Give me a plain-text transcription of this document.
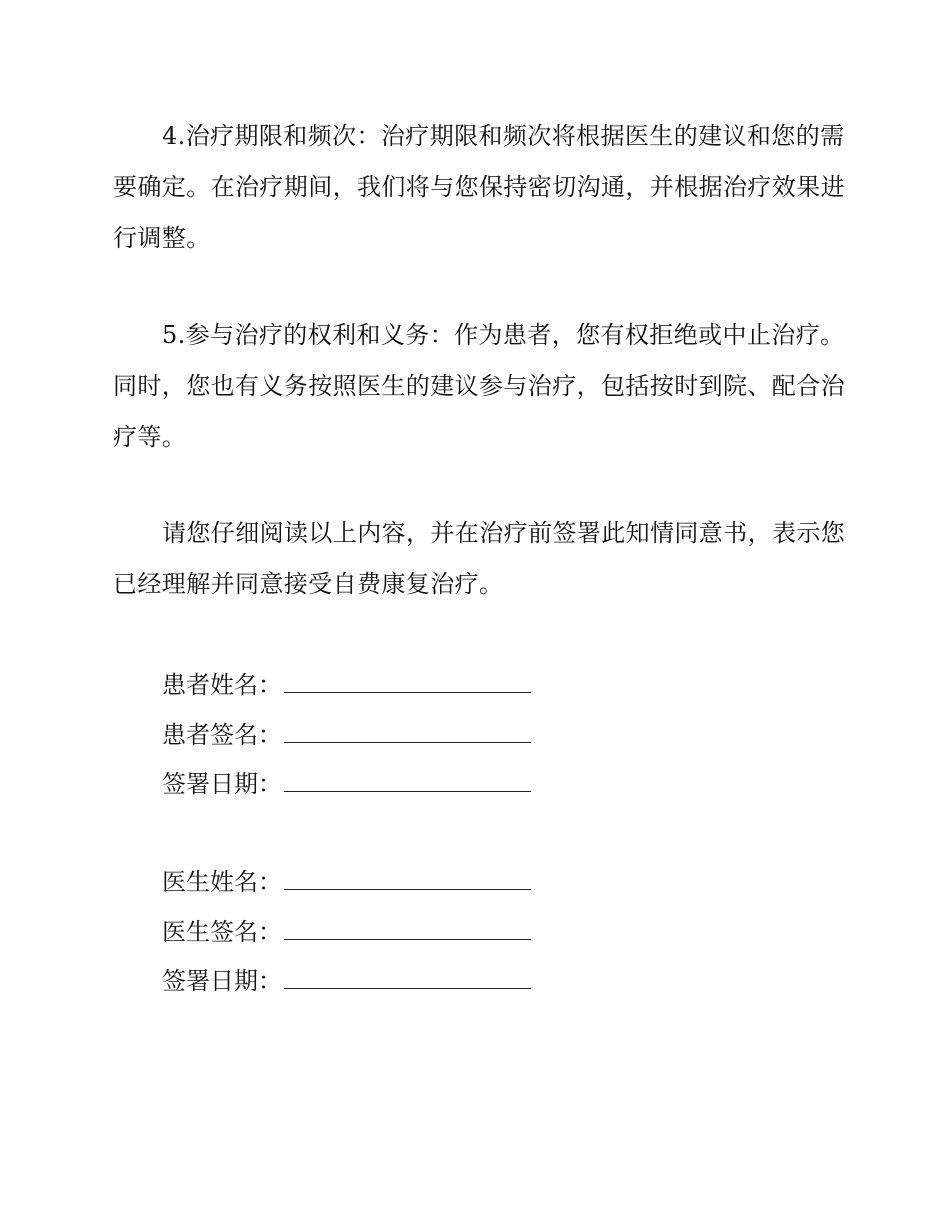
4.治疗期限和频次：治疗期限和频次将根据医生的建议和您的需要确定。在治疗期间，我们将与您保持密切沟通，并根据治疗效果进行调整。

5.参与治疗的权利和义务：作为患者，您有权拒绝或中止治疗。同时，您也有义务按照医生的建议参与治疗，包括按时到院、配合治疗等。

请您仔细阅读以上内容，并在治疗前签署此知情同意书，表示您已经理解并同意接受自费康复治疗。

患者姓名：
患者签名：
签署日期：
医生姓名：
医生签名：
签署日期：
